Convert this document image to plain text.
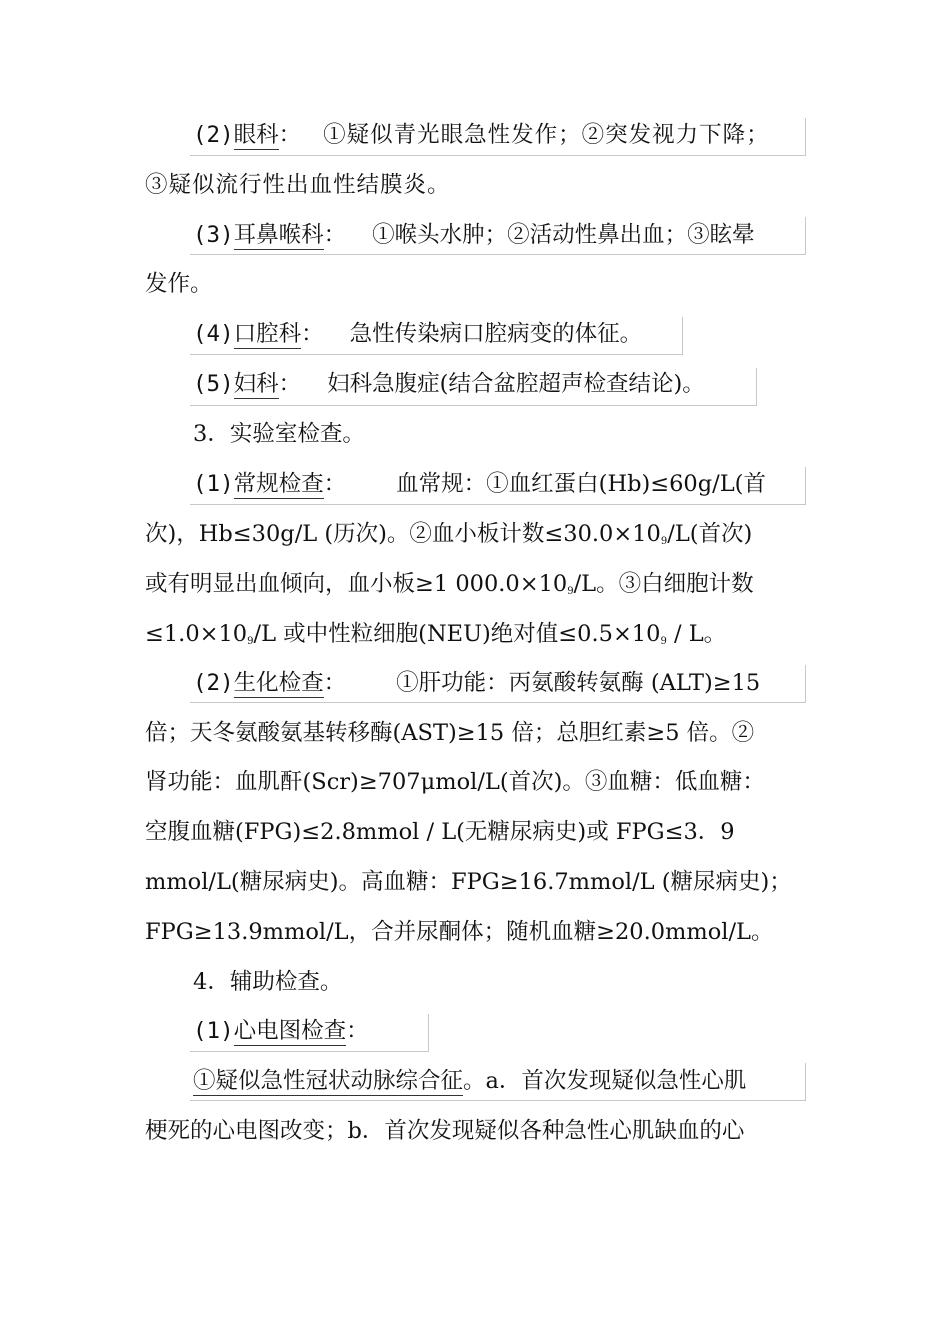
(2)眼科： ①疑似青光眼急性发作；②突发视力下降；
③疑似流行性出血性结膜炎。
(3)耳鼻喉科： ①喉头水肿；②活动性鼻出血；③眩晕
发作。
(4)口腔科： 急性传染病口腔病变的体征。
(5)妇科： 妇科急腹症(结合盆腔超声检查结论)。
3．实验室检查。
(1)常规检查： 血常规：①血红蛋白(Hb)≤60g/L(首
次)，Hb≤30g/L (历次)。②血小板计数$\le 30.0\times 10_9/L$(首次)
或有明显出血倾向，血小板≥1 $000.0\times 10_9/L$。③白细胞计数
$\le 1.0\times 10_9/L$ 或中性粒细胞(NEU)绝对值$\le 0.5\times 10_9 / L$。
(2)生化检查： ①肝功能：丙氨酸转氨酶 (ALT)≥15
倍；天冬氨酸氨基转移酶(AST)≥15 倍；总胆红素≥5 倍。②
肾功能：血肌酐(Scr)≥707μmol/L(首次)。③血糖：低血糖：
空腹血糖(FPG)≤2.8mmol / L(无糖尿病史)或 FPG≤3．9
mmol/L(糖尿病史)。高血糖：FPG≥16.7mmol/L (糖尿病史)；
FPG≥13.9mmol/L，合并尿酮体；随机血糖≥20.0mmol/L。
4．辅助检查。
(1)心电图检查：
①疑似急性冠状动脉综合征。a．首次发现疑似急性心肌
梗死的心电图改变；b．首次发现疑似各种急性心肌缺血的心
